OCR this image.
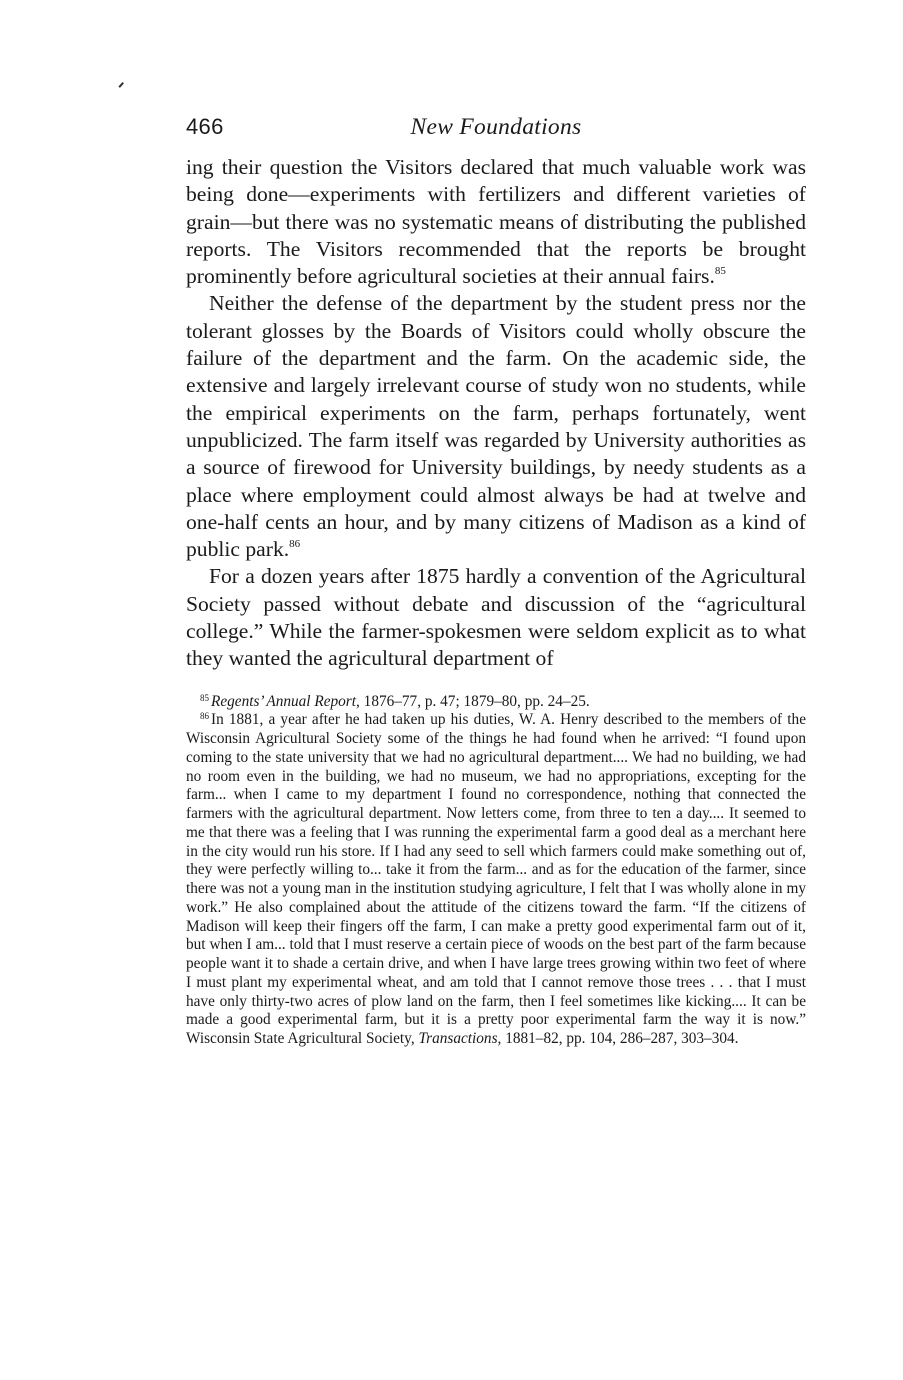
466	New Foundations

ing their question the Visitors declared that much valuable work was being done—experiments with fertilizers and different varieties of grain—but there was no systematic means of distributing the published reports. The Visitors recommended that the reports be brought prominently before agricultural societies at their annual fairs.$^{85}$

Neither the defense of the department by the student press nor the tolerant glosses by the Boards of Visitors could wholly obscure the failure of the department and the farm. On the academic side, the extensive and largely irrelevant course of study won no students, while the empirical experiments on the farm, perhaps fortunately, went unpublicized. The farm itself was regarded by University authorities as a source of firewood for University buildings, by needy students as a place where employment could almost always be had at twelve and one-half cents an hour, and by many citizens of Madison as a kind of public park.$^{86}$

For a dozen years after 1875 hardly a convention of the Agricultural Society passed without debate and discussion of the “agricultural college.” While the farmer-spokesmen were seldom explicit as to what they wanted the agricultural department of

$^{85}$ Regents’ Annual Report, 1876–77, p. 47; 1879–80, pp. 24–25.

$^{86}$ In 1881, a year after he had taken up his duties, W. A. Henry described to the members of the Wisconsin Agricultural Society some of the things he had found when he arrived: “I found upon coming to the state university that we had no agricultural department.... We had no building, we had no room even in the building, we had no museum, we had no appropriations, excepting for the farm... when I came to my department I found no correspondence, nothing that connected the farmers with the agricultural department. Now letters come, from three to ten a day.... It seemed to me that there was a feeling that I was running the experimental farm a good deal as a merchant here in the city would run his store. If I had any seed to sell which farmers could make something out of, they were perfectly willing to... take it from the farm... and as for the education of the farmer, since there was not a young man in the institution studying agriculture, I felt that I was wholly alone in my work.” He also complained about the attitude of the citizens toward the farm. “If the citizens of Madison will keep their fingers off the farm, I can make a pretty good experimental farm out of it, but when I am... told that I must reserve a certain piece of woods on the best part of the farm because people want it to shade a certain drive, and when I have large trees growing within two feet of where I must plant my experimental wheat, and am told that I cannot remove those trees . . . that I must have only thirty-two acres of plow land on the farm, then I feel sometimes like kicking.... It can be made a good experimental farm, but it is a pretty poor experimental farm the way it is now.” Wisconsin State Agricultural Society, Transactions, 1881–82, pp. 104, 286–287, 303–304.
